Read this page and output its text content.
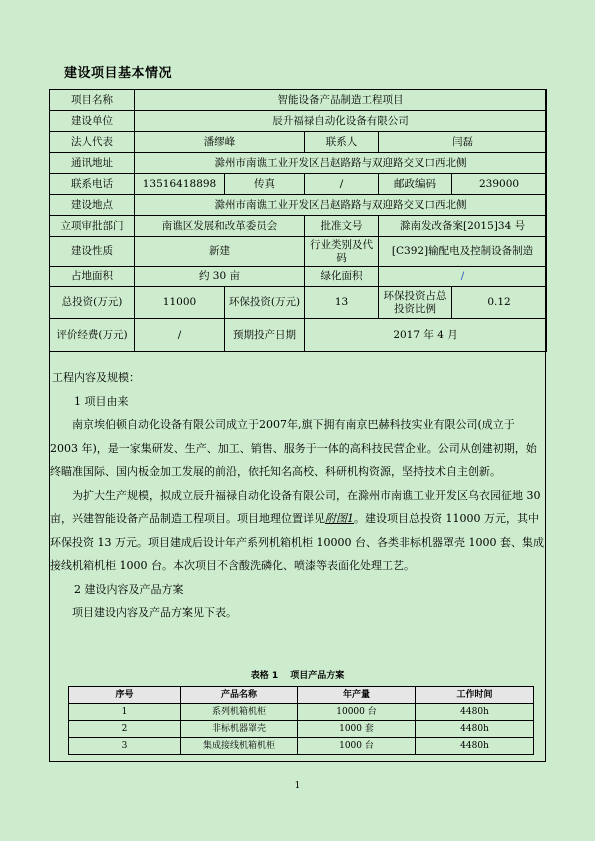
建设项目基本情况
项目名称	智能设备产品制造工程项目				
建设单位	辰升福禄自动化设备有限公司				
法人代表	潘缪峰		联系人	闫磊	
通讯地址	滁州市南谯工业开发区吕赵路路与双迎路交叉口西北侧				
联系电话	13516418898	传真	/	邮政编码	239000
建设地点	滁州市南谯工业开发区吕赵路路与双迎路交叉口西北侧				
立项审批部门	南谯区发展和改革委员会		批准文号	滁南发改备案[2015]34 号	
建设性质	新建		行业类别及代码	[C392]输配电及控制设备制造	
占地面积	约 30 亩		绿化面积	/	
总投资(万元)	11000	环保投资(万元)	13	环保投资占总投资比例	0.12
评价经费(万元)	/	预期投产日期	2017 年 4 月		

工程内容及规模：

1 项目由来

南京埃伯顿自动化设备有限公司成立于2007年,旗下拥有南京巴赫科技实业有限公司(成立于 2003 年)，是一家集研发、生产、加工、销售、服务于一体的高科技民营企业。公司从创建初期，始终瞄准国际、国内板金加工发展的前沿，依托知名高校、科研机构资源，坚持技术自主创新。

为扩大生产规模，拟成立辰升福禄自动化设备有限公司，在滁州市南谯工业开发区乌衣园征地 30 亩，兴建智能设备产品制造工程项目。项目地理位置详见附图1。建设项目总投资 11000 万元，其中环保投资 13 万元。项目建成后设计年产系列机箱机柜 10000 台、各类非标机器罩壳 1000 套、集成接线机箱机柜 1000 台。本次项目不含酸洗磷化、喷漆等表面化处理工艺。

2 建设内容及产品方案

项目建设内容及产品方案见下表。

表格 1　 项目产品方案
序号	产品名称	年产量	工作时间
1	系列机箱机柜	10000 台	4480h
2	非标机器罩壳	1000 套	4480h
3	集成接线机箱机柜	1000 台	4480h
1
